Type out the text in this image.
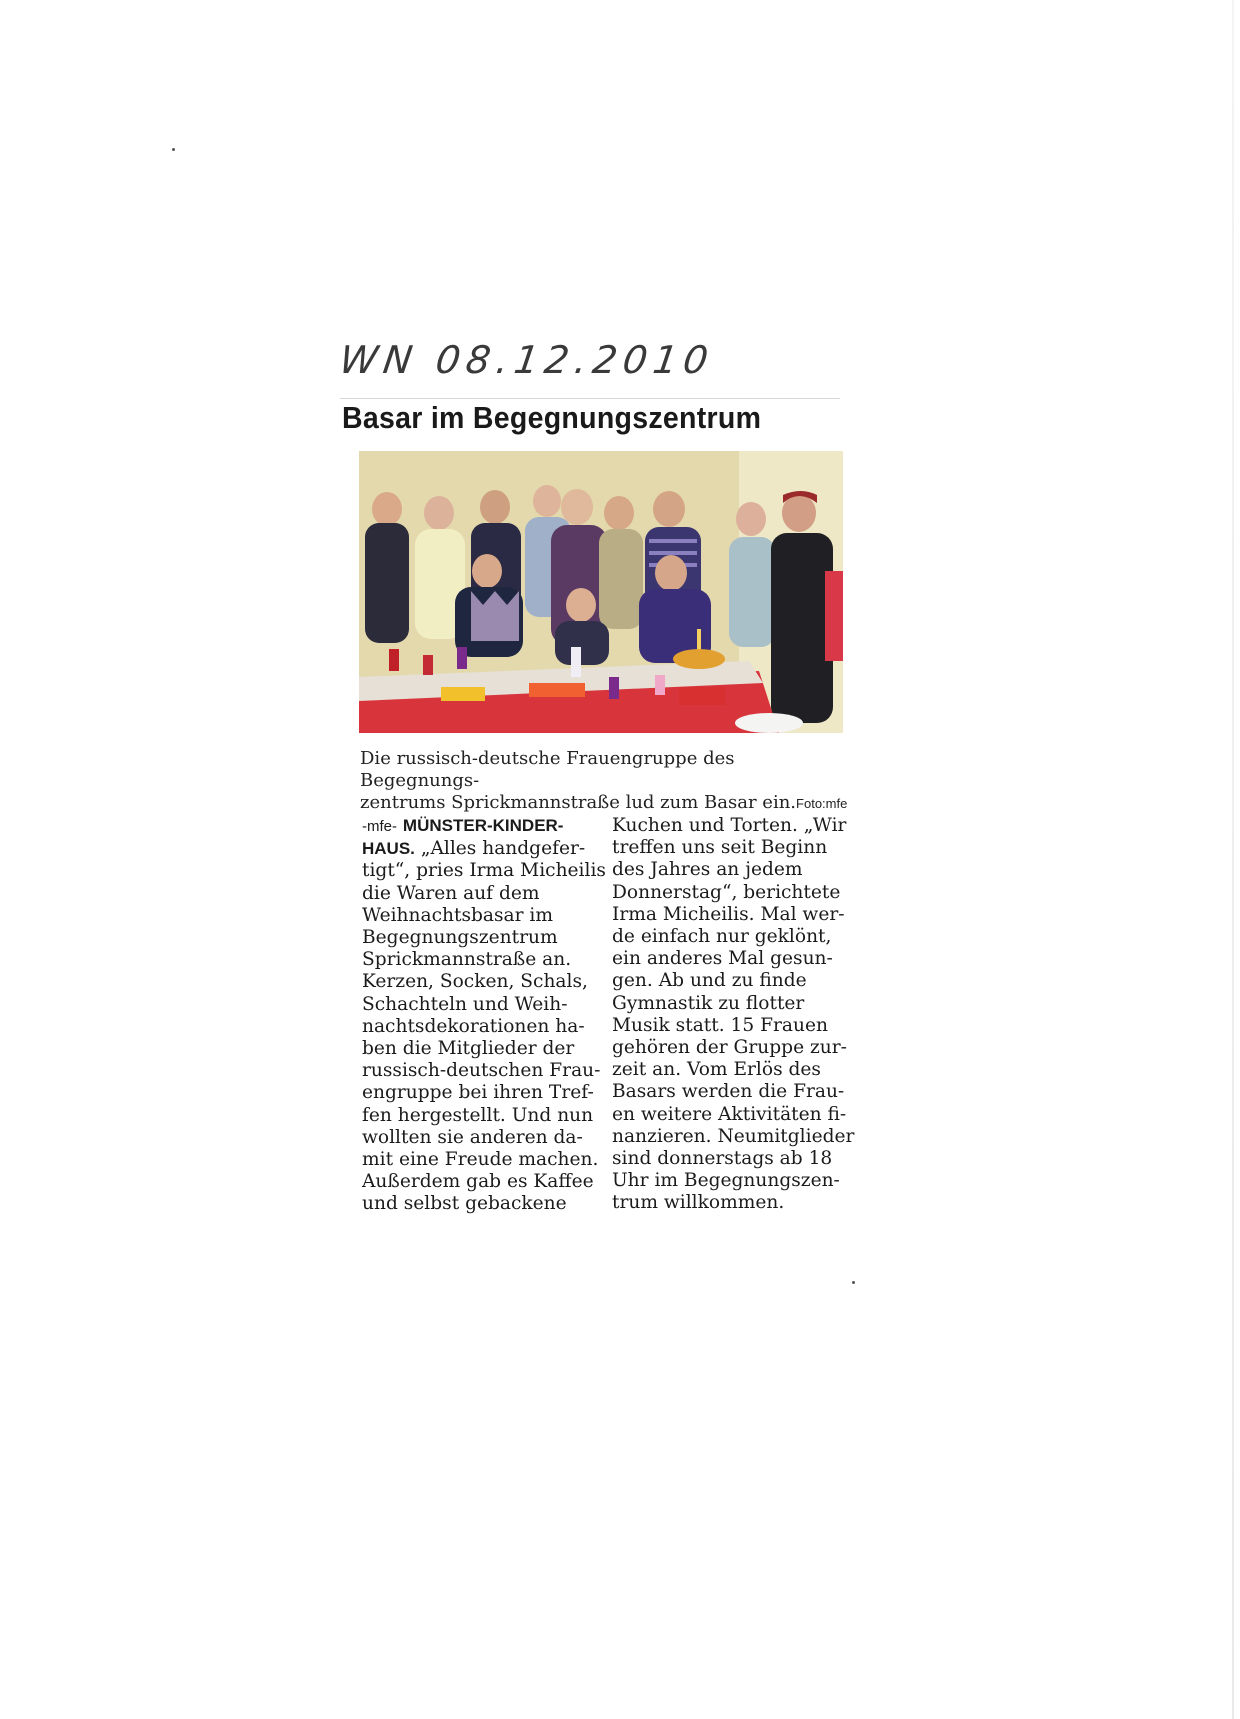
WN 08.12.2010
Basar im Begegnungszentrum
Die russisch-deutsche Frauengruppe des Begegnungs-
zentrums Sprickmannstraße lud zum Basar ein.Foto:mfe

-mfe- MÜNSTER-KINDER-

HAUS. „Alles handgefer-

tigt“, pries Irma Micheilis

die Waren auf dem

Weihnachtsbasar im

Begegnungszentrum

Sprickmannstraße an.

Kerzen, Socken, Schals,

Schachteln und Weih-

nachtsdekorationen ha-

ben die Mitglieder der

russisch-deutschen Frau-

engruppe bei ihren Tref-

fen hergestellt. Und nun

wollten sie anderen da-

mit eine Freude machen.

Außerdem gab es Kaffee

und selbst gebackene

Kuchen und Torten. „Wir

treffen uns seit Beginn

des Jahres an jedem

Donnerstag“, berichtete

Irma Micheilis. Mal wer-

de einfach nur geklönt,

ein anderes Mal gesun-

gen. Ab und zu finde

Gymnastik zu flotter

Musik statt. 15 Frauen

gehören der Gruppe zur-

zeit an. Vom Erlös des

Basars werden die Frau-

en weitere Aktivitäten fi-

nanzieren. Neumitglieder

sind donnerstags ab 18

Uhr im Begegnungszen-

trum willkommen.
